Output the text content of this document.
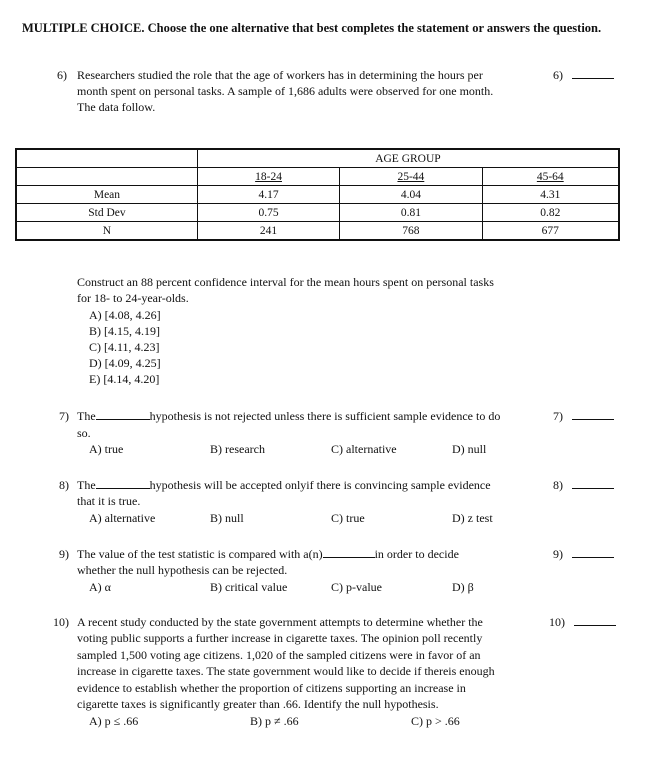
MULTIPLE CHOICE. Choose the one alternative that best completes the statement or answers the question.
6) Researchers studied the role that the age of workers has in determining the hours per
month spent on personal tasks. A sample of 1,686 adults were observed for one month.
The data follow.
6)
	AGE GROUP		
	18-24	25-44	45-64
Mean	4.17	4.04	4.31
Std Dev	0.75	0.81	0.82
N	241	768	677
Construct an 88 percent confidence interval for the mean hours spent on personal tasks
for 18- to 24-year-olds.
A) [4.08, 4.26]
B) [4.15, 4.19]
C) [4.11, 4.23]
D) [4.09, 4.25]
E) [4.14, 4.20]
7) The	hypothesis is not rejected unless there is sufficient sample evidence to do
so.
7)
A) true	B) research	C) alternative	D) null
8) The	hypothesis will be accepted onlyif there is convincing sample evidence
that it is true.
8)
A) alternative	B) null	C) true	D) z test
9) The value of the test statistic is compared with a(n)	in order to decide
whether the null hypothesis can be rejected.
9)
A) α	B) critical value	C) p-value	D) β
10) A recent study conducted by the state government attempts to determine whether the
voting public supports a further increase in cigarette taxes. The opinion poll recently
sampled 1,500 voting age citizens. 1,020 of the sampled citizens were in favor of an
increase in cigarette taxes. The state government would like to decide if thereis enough
evidence to establish whether the proportion of citizens supporting an increase in
cigarette taxes is significantly greater than .66. Identify the null hypothesis.
10)
A) p ≤ .66	B) p ≠ .66	C) p > .66
